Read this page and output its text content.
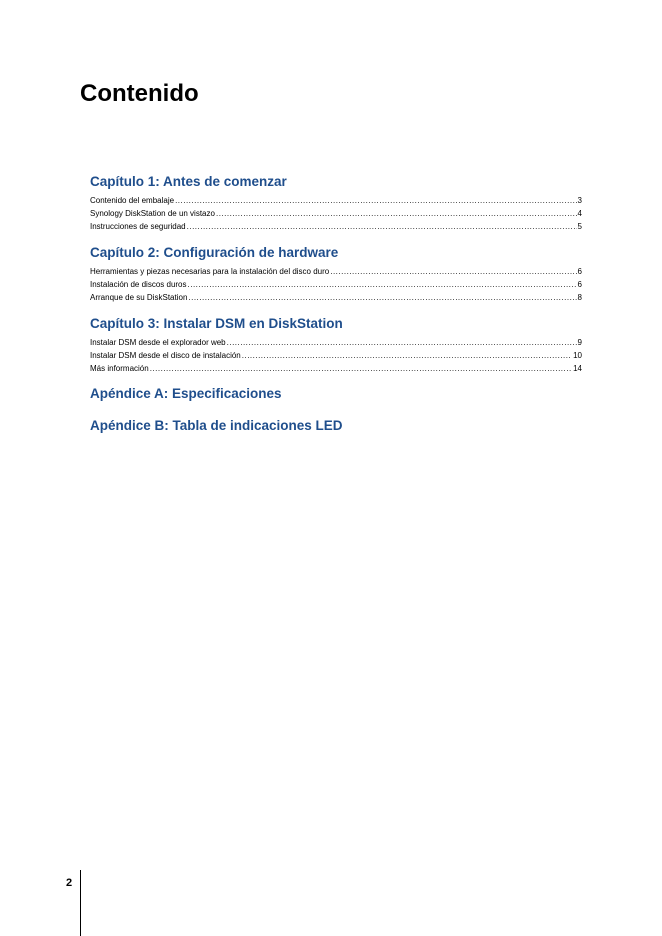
Contenido
Capítulo 1: Antes de comenzar
Contenido del embalaje .....	3
Synology DiskStation de un vistazo .....	4
Instrucciones de seguridad .....	5
Capítulo 2: Configuración de hardware
Herramientas y piezas necesarias para la instalación del disco duro .....	6
Instalación de discos duros .....	6
Arranque de su DiskStation .....	8
Capítulo 3: Instalar DSM en DiskStation
Instalar DSM desde el explorador web .....	9
Instalar DSM desde el disco de instalación .....	10
Más información .....	14
Apéndice A: Especificaciones
Apéndice B: Tabla de indicaciones LED
2
